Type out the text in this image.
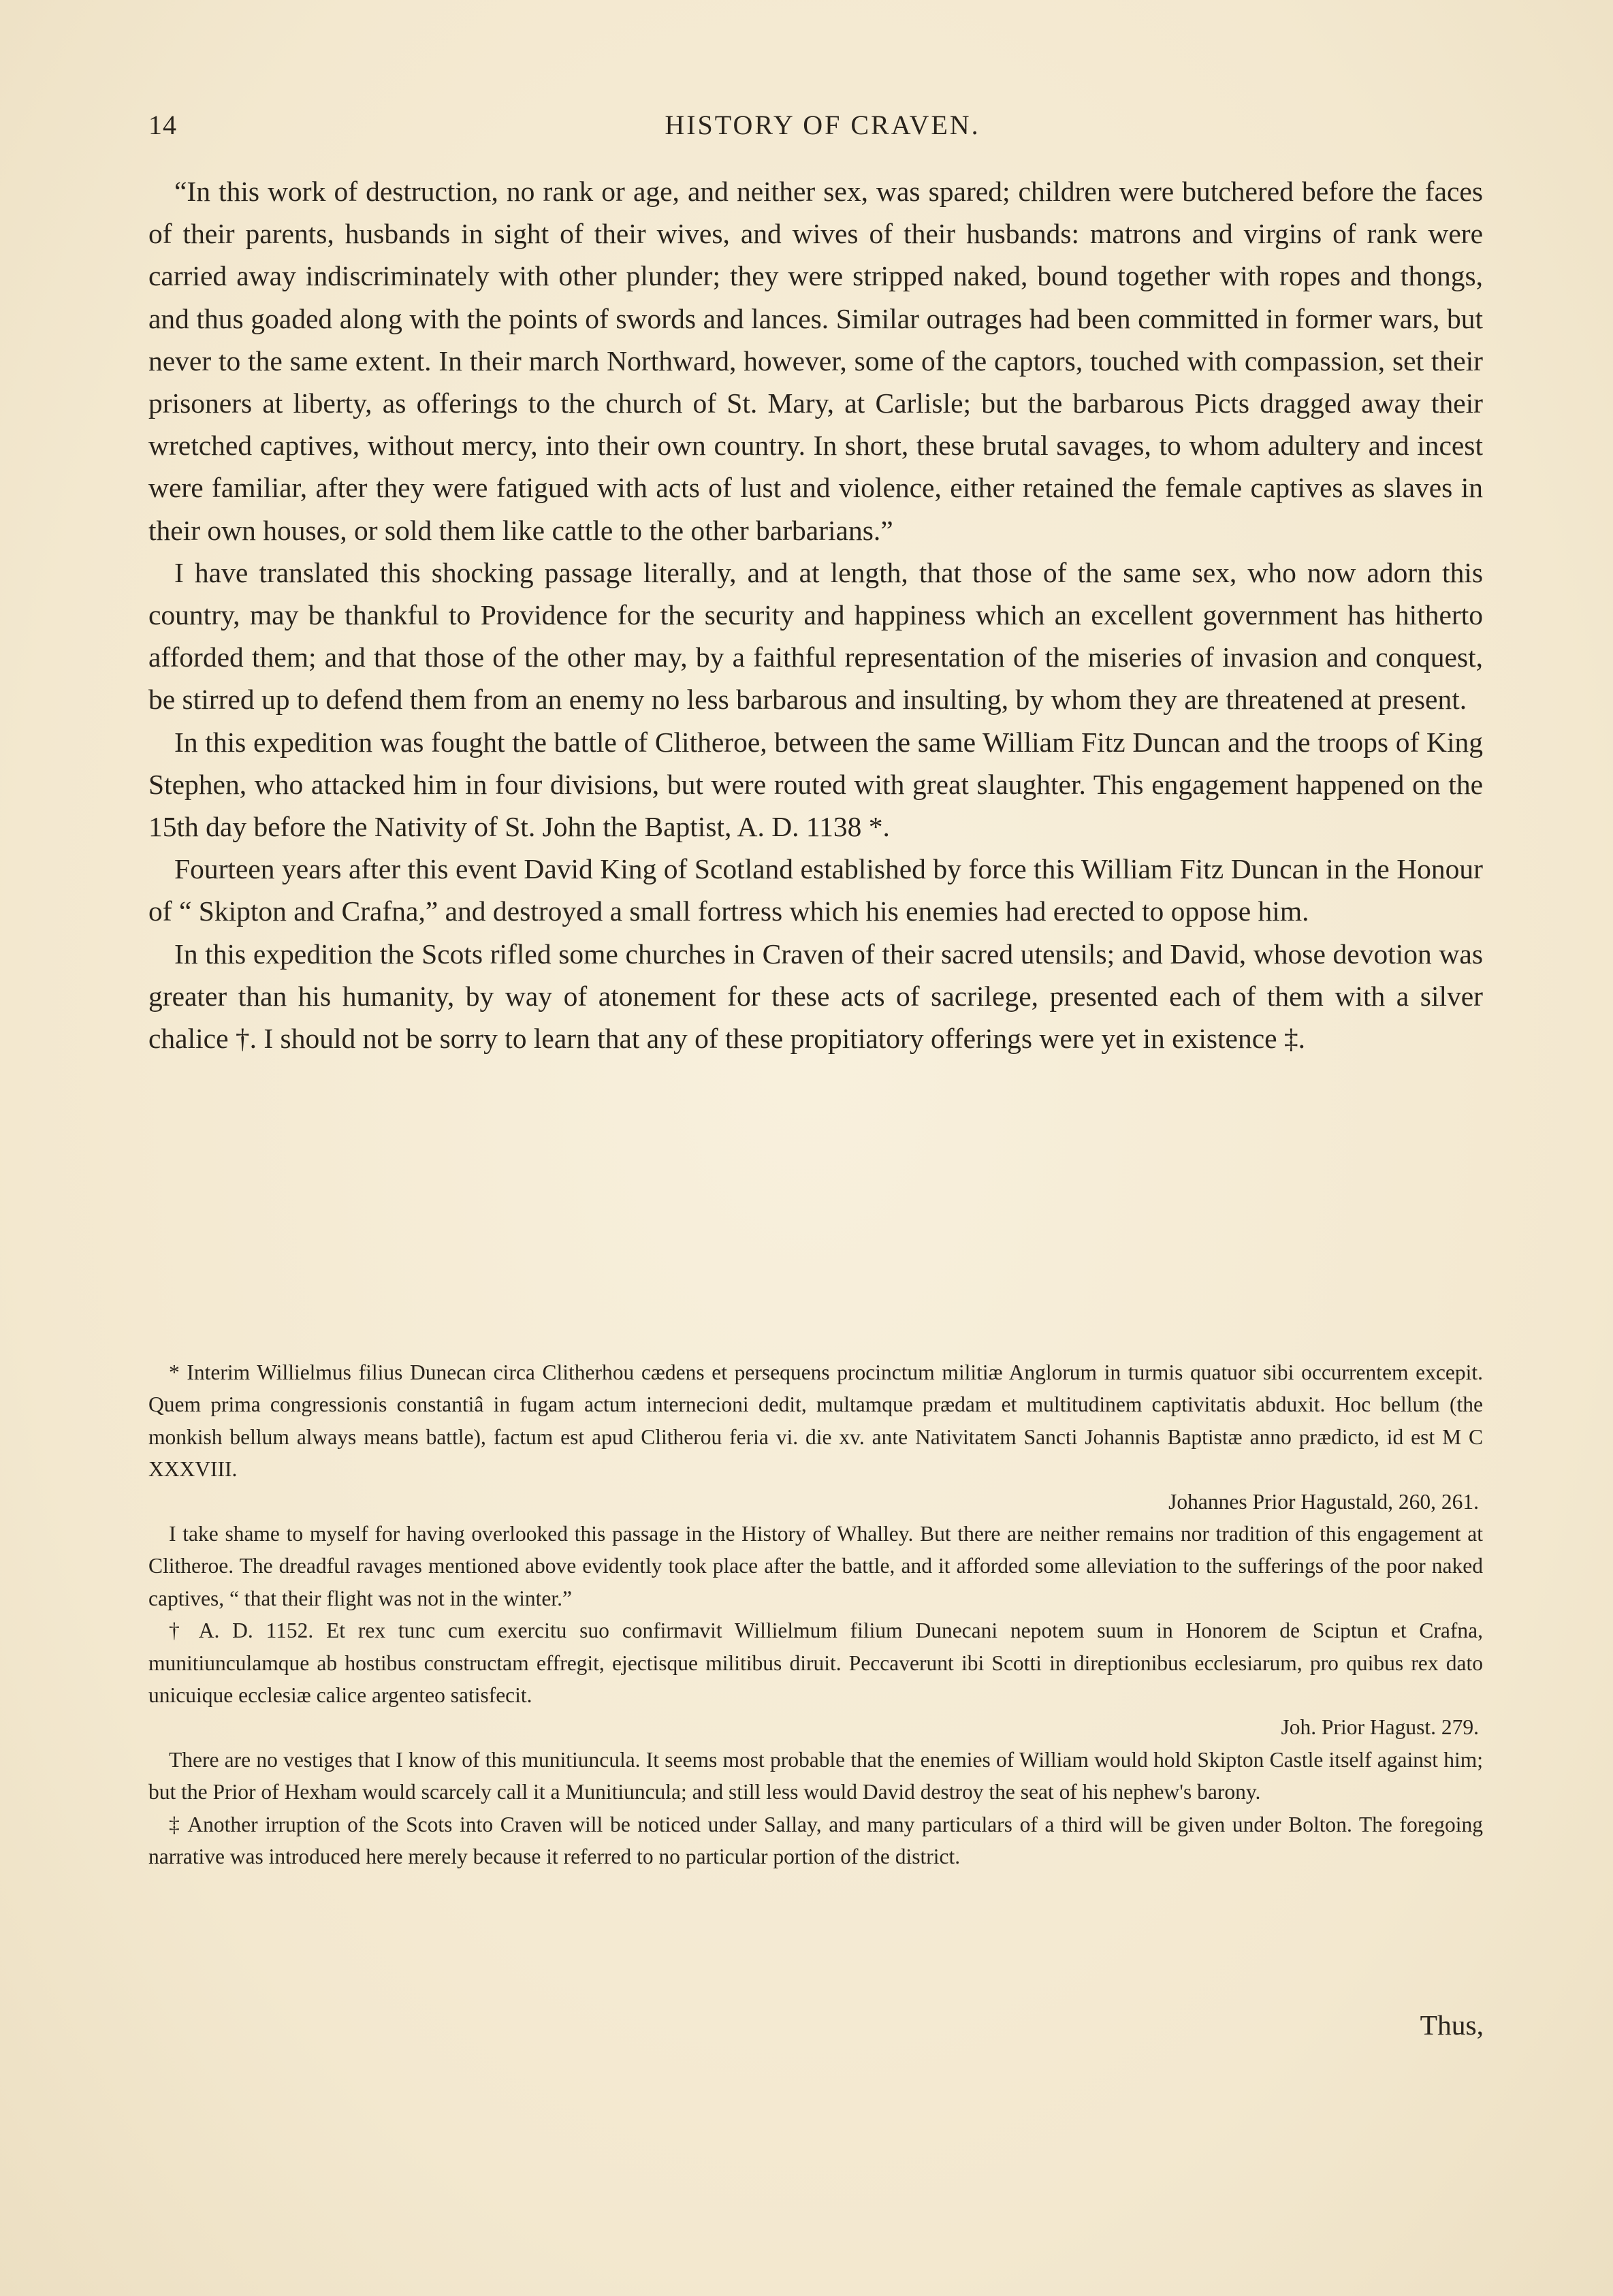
14	HISTORY OF CRAVEN.

“In this work of destruction, no rank or age, and neither sex, was spared; children were butchered before the faces of their parents, husbands in sight of their wives, and wives of their husbands: matrons and virgins of rank were carried away indiscriminately with other plunder; they were stripped naked, bound together with ropes and thongs, and thus goaded along with the points of swords and lances. Similar outrages had been committed in former wars, but never to the same extent. In their march Northward, however, some of the captors, touched with compassion, set their prisoners at liberty, as offerings to the church of St. Mary, at Carlisle; but the barbarous Picts dragged away their wretched captives, without mercy, into their own country. In short, these brutal savages, to whom adultery and incest were familiar, after they were fatigued with acts of lust and violence, either retained the female captives as slaves in their own houses, or sold them like cattle to the other barbarians.”

I have translated this shocking passage literally, and at length, that those of the same sex, who now adorn this country, may be thankful to Providence for the security and happiness which an excellent government has hitherto afforded them; and that those of the other may, by a faithful representation of the miseries of invasion and conquest, be stirred up to defend them from an enemy no less barbarous and insulting, by whom they are threatened at present.

In this expedition was fought the battle of Clitheroe, between the same William Fitz Duncan and the troops of King Stephen, who attacked him in four divisions, but were routed with great slaughter. This engagement happened on the 15th day before the Nativity of St. John the Baptist, A. D. 1138 *.

Fourteen years after this event David King of Scotland established by force this William Fitz Duncan in the Honour of “ Skipton and Crafna,” and destroyed a small fortress which his enemies had erected to oppose him.

In this expedition the Scots rifled some churches in Craven of their sacred utensils; and David, whose devotion was greater than his humanity, by way of atonement for these acts of sacrilege, presented each of them with a silver chalice †. I should not be sorry to learn that any of these propitiatory offerings were yet in existence ‡.

* Interim Willielmus filius Dunecan circa Clitherhou cædens et persequens procinctum militiæ Anglorum in turmis quatuor sibi occurrentem excepit. Quem prima congressionis constantiâ in fugam actum internecioni dedit, multamque prædam et multitudinem captivitatis abduxit. Hoc bellum (the monkish bellum always means battle), factum est apud Clitherou feria vi. die xv. ante Nativitatem Sancti Johannis Baptistæ anno prædicto, id est M C XXXVIII.

Johannes Prior Hagustald, 260, 261.

I take shame to myself for having overlooked this passage in the History of Whalley. But there are neither remains nor tradition of this engagement at Clitheroe. The dreadful ravages mentioned above evidently took place after the battle, and it afforded some alleviation to the sufferings of the poor naked captives, “ that their flight was not in the winter.”

† A. D. 1152. Et rex tunc cum exercitu suo confirmavit Willielmum filium Dunecani nepotem suum in Honorem de Sciptun et Crafna, munitiunculamque ab hostibus constructam effregit, ejectisque militibus diruit. Peccaverunt ibi Scotti in direptionibus ecclesiarum, pro quibus rex dato unicuique ecclesiæ calice argenteo satisfecit.

Joh. Prior Hagust. 279.

There are no vestiges that I know of this munitiuncula. It seems most probable that the enemies of William would hold Skipton Castle itself against him; but the Prior of Hexham would scarcely call it a Munitiuncula; and still less would David destroy the seat of his nephew's barony.

‡ Another irruption of the Scots into Craven will be noticed under Sallay, and many particulars of a third will be given under Bolton. The foregoing narrative was introduced here merely because it referred to no particular portion of the district.

Thus,
